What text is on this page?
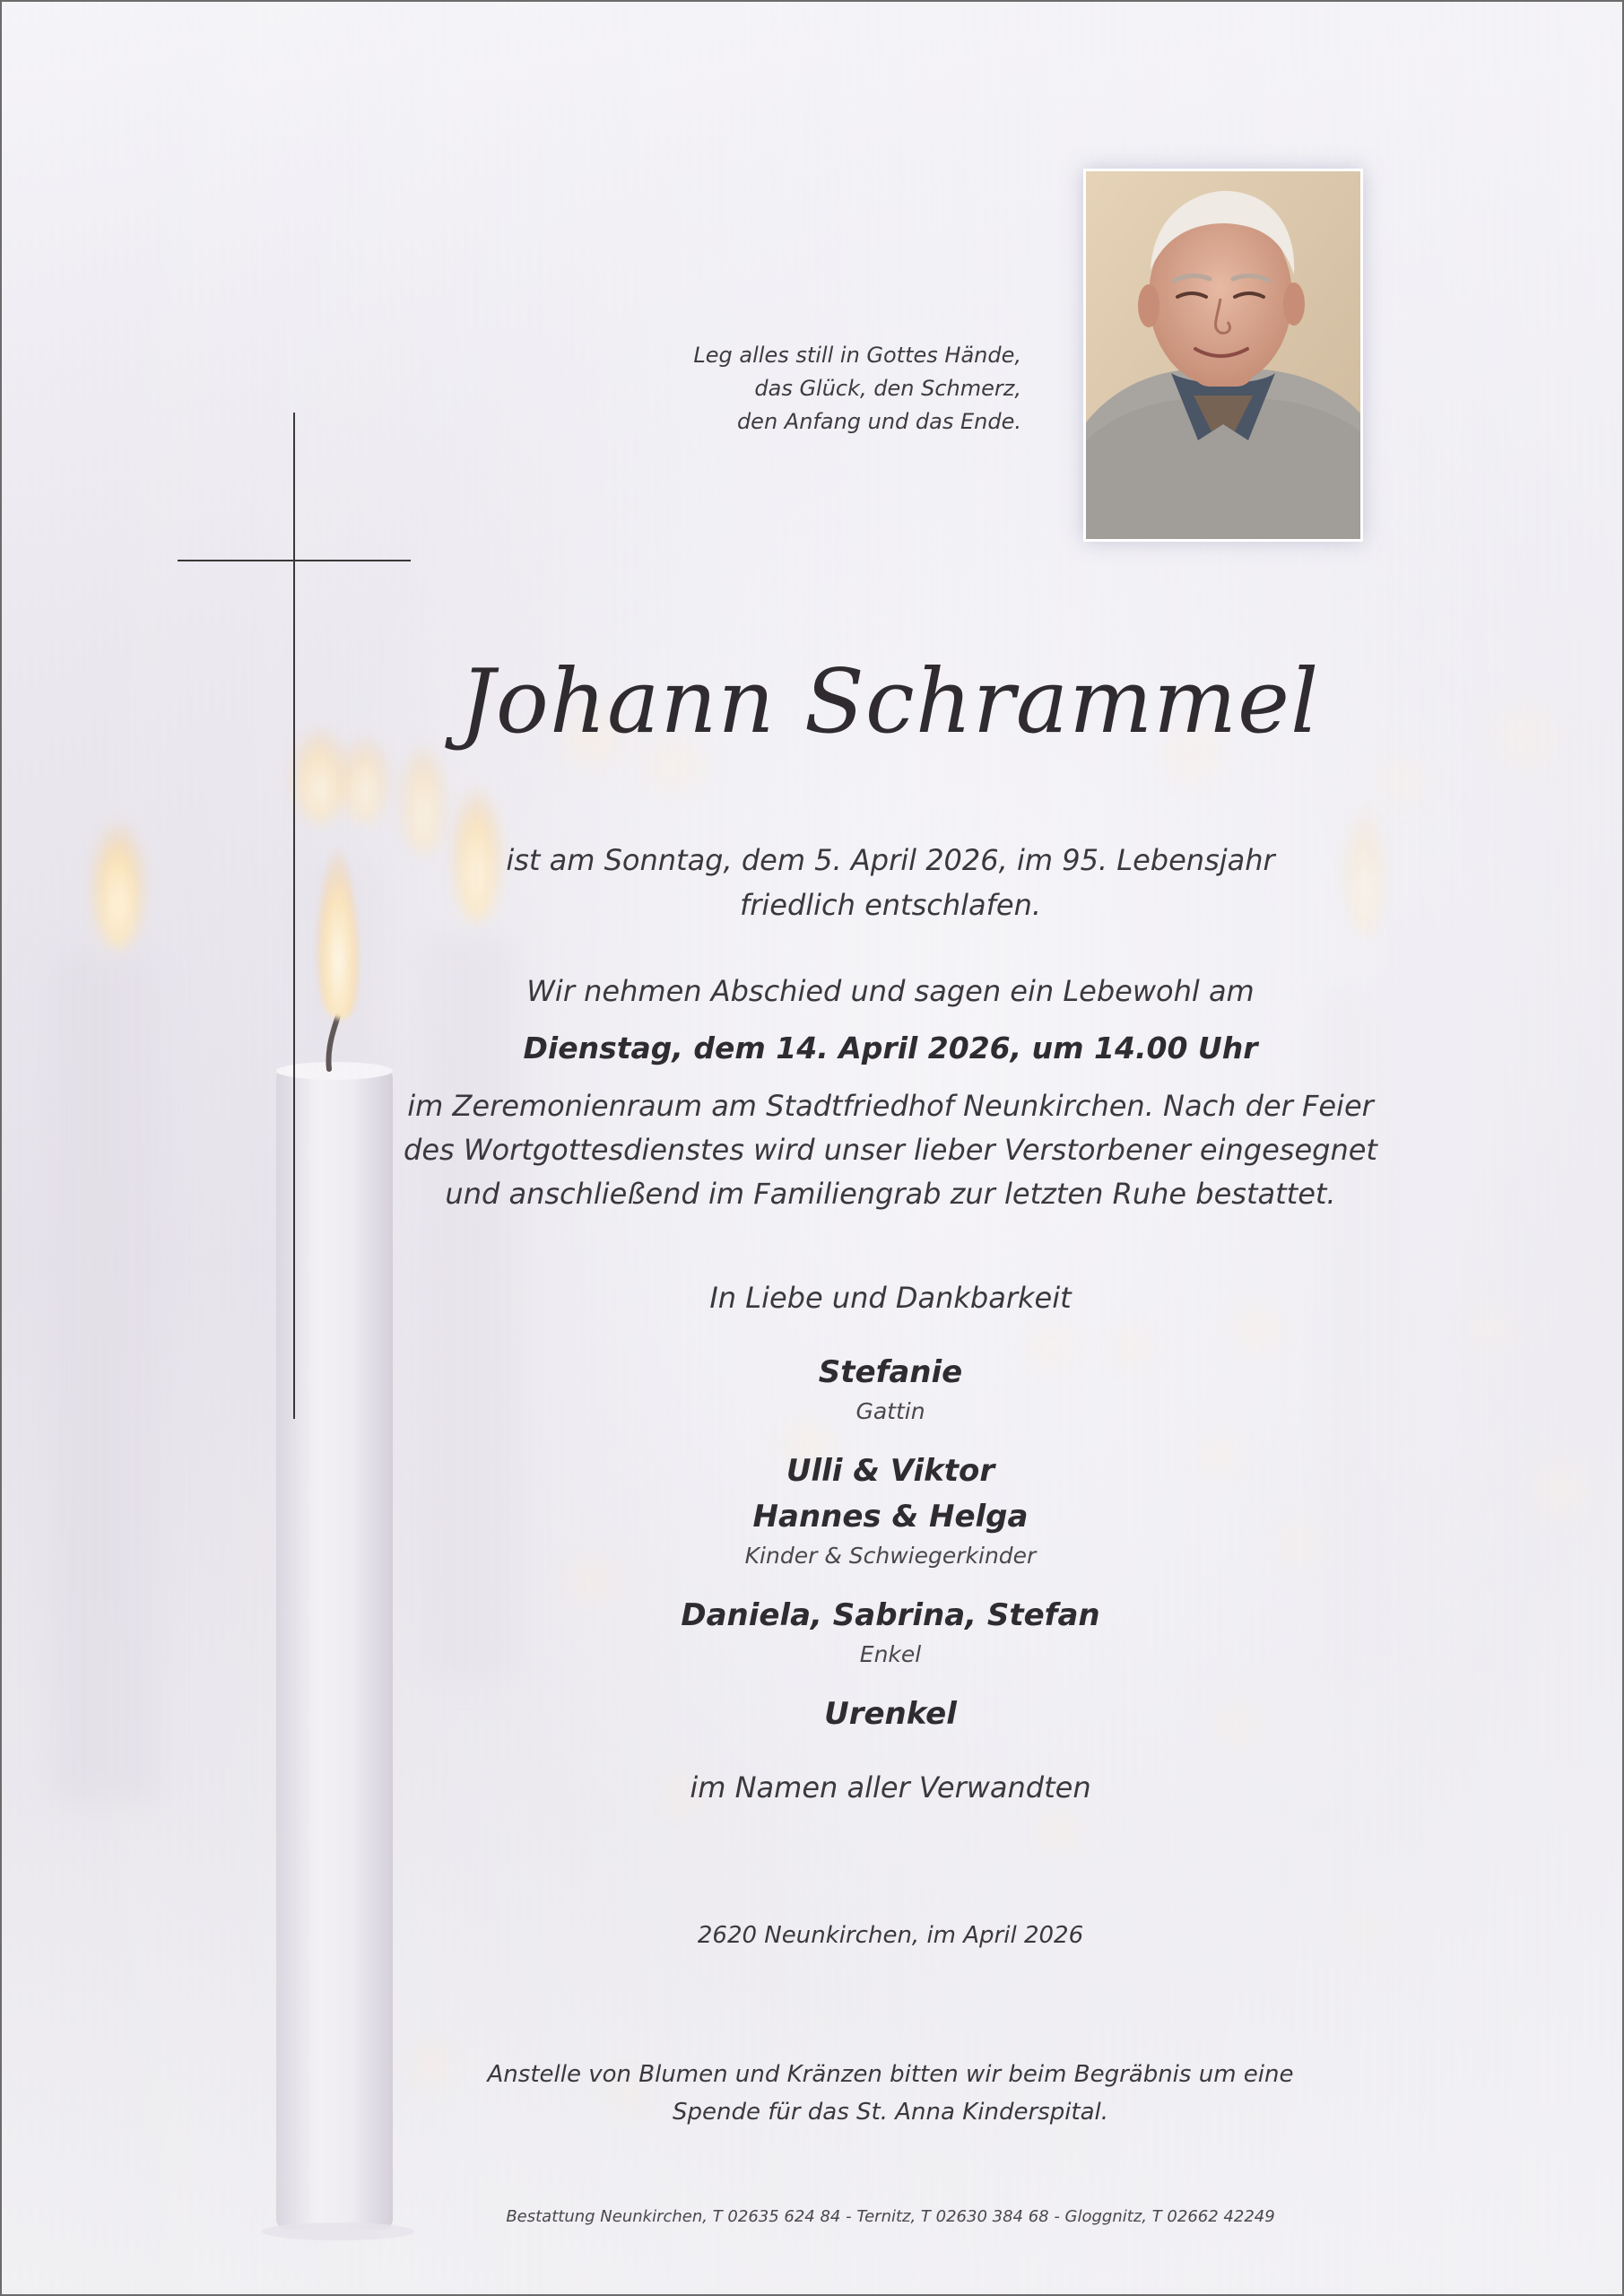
Leg alles still in Gottes Hände,
das Glück, den Schmerz,
den Anfang und das Ende.
Johann Schrammel
ist am Sonntag, dem 5. April 2026, im 95. Lebensjahr
friedlich entschlafen.
Wir nehmen Abschied und sagen ein Lebewohl am
Dienstag, dem 14. April 2026, um 14.00 Uhr
im Zeremonienraum am Stadtfriedhof Neunkirchen. Nach der Feier
des Wortgottesdienstes wird unser lieber Verstorbener eingesegnet
und anschließend im Familiengrab zur letzten Ruhe bestattet.
In Liebe und Dankbarkeit
Stefanie
Gattin
Ulli & Viktor
Hannes & Helga
Kinder & Schwiegerkinder
Daniela, Sabrina, Stefan
Enkel
Urenkel
im Namen aller Verwandten
2620 Neunkirchen, im April 2026
Anstelle von Blumen und Kränzen bitten wir beim Begräbnis um eine
Spende für das St. Anna Kinderspital.
Bestattung Neunkirchen, T 02635 624 84 - Ternitz, T 02630 384 68 - Gloggnitz, T 02662 42249
